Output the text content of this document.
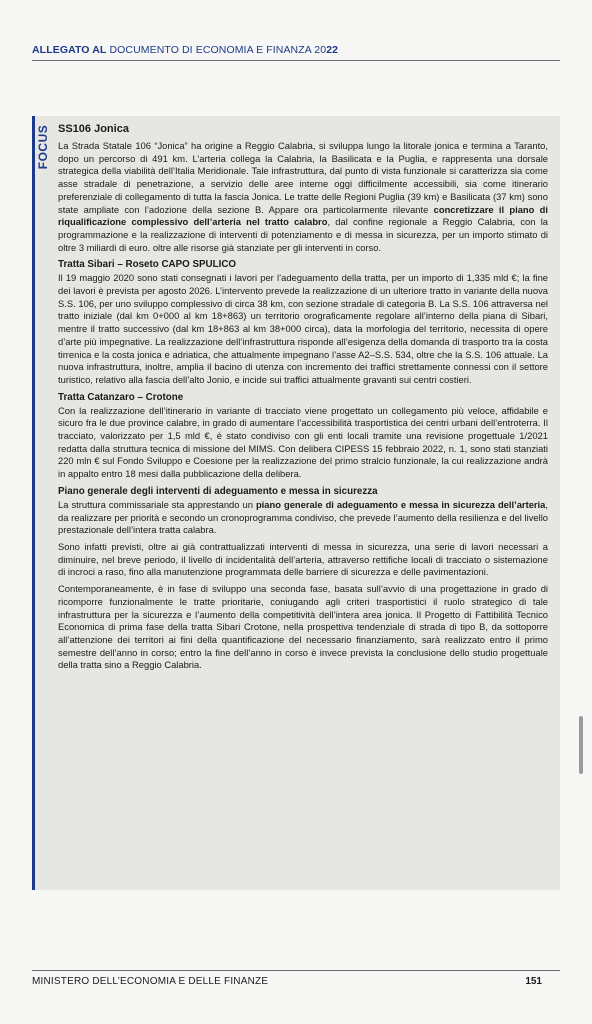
ALLEGATO AL DOCUMENTO DI ECONOMIA E FINANZA 2022
FOCUS SS106 Jonica

La Strada Statale 106 “Jonica” ha origine a Reggio Calabria, si sviluppa lungo la litorale jonica e termina a Taranto, dopo un percorso di 491 km. L’arteria collega la Calabria, la Basilicata e la Puglia, e rappresenta una dorsale strategica della viabilità dell’Italia Meridionale. Tale infrastruttura, dal punto di vista funzionale si caratterizza sia come asse stradale di penetrazione, a servizio delle aree interne oggi difficilmente accessibili, sia come itinerario preferenziale di collegamento di tutta la fascia Jonica. Le tratte delle Regioni Puglia (39 km) e Basilicata (37 km) sono state ampliate con l’adozione della sezione B. Appare ora particolarmente rilevante concretizzare il piano di riqualificazione complessivo dell’arteria nel tratto calabro, dal confine regionale a Reggio Calabria, con la programmazione e la realizzazione di interventi di potenziamento e di messa in sicurezza, per un importo stimato di oltre 3 miliardi di euro. oltre alle risorse già stanziate per gli interventi in corso.

Tratta Sibari – Roseto CAPO SPULICO

Il 19 maggio 2020 sono stati consegnati i lavori per l’adeguamento della tratta, per un importo di 1,335 mld €; la fine dei lavori è prevista per agosto 2026. L’intervento prevede la realizzazione di un ulteriore tratto in variante della nuova S.S. 106, per uno sviluppo complessivo di circa 38 km, con sezione stradale di categoria B. La S.S. 106 attraversa nel tratto iniziale (dal km 0+000 al km 18+863) un territorio orograficamente regolare all’interno della piana di Sibari, mentre il tratto successivo (dal km 18+863 al km 38+000 circa), data la morfologia del territorio, necessita di opere d’arte più impegnative. La realizzazione dell’infrastruttura risponde all’esigenza della domanda di trasporto tra la costa tirrenica e la costa jonica e adriatica, che attualmente impegnano l’asse A2–S.S. 534, oltre che la S.S. 106 attuale. La nuova infrastruttura, inoltre, amplia il bacino di utenza con incremento dei traffici strettamente connessi con il settore turistico, relativo alla fascia dell’alto Jonio, e incide sui traffici attualmente gravanti sui centri costieri.

Tratta Catanzaro – Crotone

Con la realizzazione dell’itinerario in variante di tracciato viene progettato un collegamento più veloce, affidabile e sicuro fra le due province calabre, in grado di aumentare l’accessibilità trasportistica dei centri urbani dell’entroterra. Il tracciato, valorizzato per 1,5 mld €, è stato condiviso con gli enti locali tramite una revisione progettuale 1/2021 redatta dalla struttura tecnica di missione del MIMS. Con delibera CIPESS 15 febbraio 2022, n. 1, sono stati stanziati 220 mln € sul Fondo Sviluppo e Coesione per la realizzazione del primo stralcio funzionale, la cui realizzazione andrà in appalto entro 18 mesi dalla pubblicazione della delibera.

Piano generale degli interventi di adeguamento e messa in sicurezza

La struttura commissariale sta apprestando un piano generale di adeguamento e messa in sicurezza dell’arteria, da realizzare per priorità e secondo un cronoprogramma condiviso, che prevede l’aumento della resilienza e del livello prestazionale dell’intera tratta calabra.

Sono infatti previsti, oltre ai già contrattualizzati interventi di messa in sicurezza, una serie di lavori necessari a diminuire, nel breve periodo, il livello di incidentalità dell’arteria, attraverso rettifiche locali di tracciato o sistemazione di incroci a raso, fino alla manutenzione programmata delle barriere di sicurezza e delle pavimentazioni.

Contemporaneamente, è in fase di sviluppo una seconda fase, basata sull’avvio di una progettazione in grado di ricomporre funzionalmente le tratte prioritarie, coniugando agli criteri trasportistici il ruolo strategico di tale infrastruttura per la sicurezza e l’aumento della competitività dell’intera area jonica. Il Progetto di Fattibilità Tecnico Economica di prima fase della tratta Sibari Crotone, nella prospettiva tendenziale di strada di tipo B, da sottoporre all’attenzione dei territori ai fini della quantificazione del necessario finanziamento, sarà realizzato entro il primo semestre dell’anno in corso; entro la fine dell’anno in corso è invece prevista la conclusione dello studio progettuale della tratta sino a Reggio Calabria.

MINISTERO DELL’ECONOMIA E DELLE FINANZE	151
